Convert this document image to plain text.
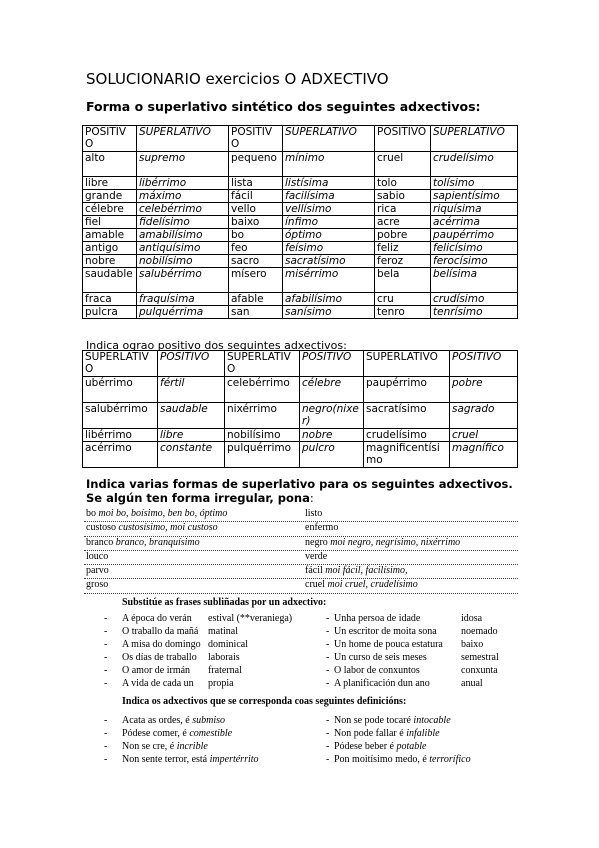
SOLUCIONARIO exercicios O ADXECTIVO
Forma o superlativo sintético dos seguintes adxectivos:
POSITIVO	SUPERLATIVO	POSITIVO	SUPERLATIVO	POSITIVO	SUPERLATIVO
alto	supremo	pequeno	mínimo	cruel	crudelísimo
libre	libérrimo	lista	listísima	tolo	tolísimo
grande	máximo	fácil	facilísima	sabio	sapientísimo
célebre	celebérrimo	vello	vellísimo	rica	riquísima
fiel	fidelísimo	baixo	ínfimo	acre	acérrima
amable	amabilísimo	bo	óptimo	pobre	paupérrimo
antigo	antiquísimo	feo	feísimo	feliz	felicísimo
nobre	nobilísimo	sacro	sacratísimo	feroz	ferocísimo
saudable	salubérrimo	mísero	misérrimo	bela	belísima
fraca	fraquísima	afable	afabilísimo	cru	crudísimo
pulcra	pulquérrima	san	sanísimo	tenro	tenrísimo
Indica ograo positivo dos seguintes adxectivos:
SUPERLATIVO	POSITIVO	SUPERLATIVO	POSITIVO	SUPERLATIVO	POSITIVO
ubérrimo	fértil	celebérrimo	célebre	paupérrimo	pobre
salubérrimo	saudable	nixérrimo	negro(nixer)	sacratísimo	sagrado
libérrimo	libre	nobilísimo	nobre	crudelísimo	cruel
acérrimo	constante	pulquérrimo	pulcro	magnificentísimo	magnífico
Indica varias formas de superlativo para os seguintes adxectivos. Se algún ten forma irregular, pona:
bo moi bo, boísimo, ben bo, óptimo	listo
custoso custosísimo, moi custoso	enfermo
branco branco, branquísimo	negro moi negro, negrísimo, nixérrimo
louco	verde
parvo	fácil moi fácil, facilísimo,
groso	cruel moi cruel, crudelísimo
Substitúe as frases subliñadas por un adxectivo:
- A época do verán estival (**veraniega)
- O traballo da mañá matinal
- A misa do domingo dominical
- Os días de traballo laborais
- O amor de irmán fraternal
- A vida de cada un propia
- Unha persoa de idade	idosa
- Un escritor de moita sona noemado
- Un home de pouca estatura baixo
- Un curso de seis meses	semestral
- O labor de conxuntos	conxunta
- A planificación dun ano	anual
Indica os adxectivos que se corresponda coas seguintes definicións:
- Acata as ordes, é submiso
- Pódese comer, é comestible
- Non se cre, é incrible
- Non sente terror, está impertérrito
- Non se pode tocaré intocable
- Non pode fallar é infalible
- Pódese beber é potable
- Pon moitísimo medo, é terrorífico
